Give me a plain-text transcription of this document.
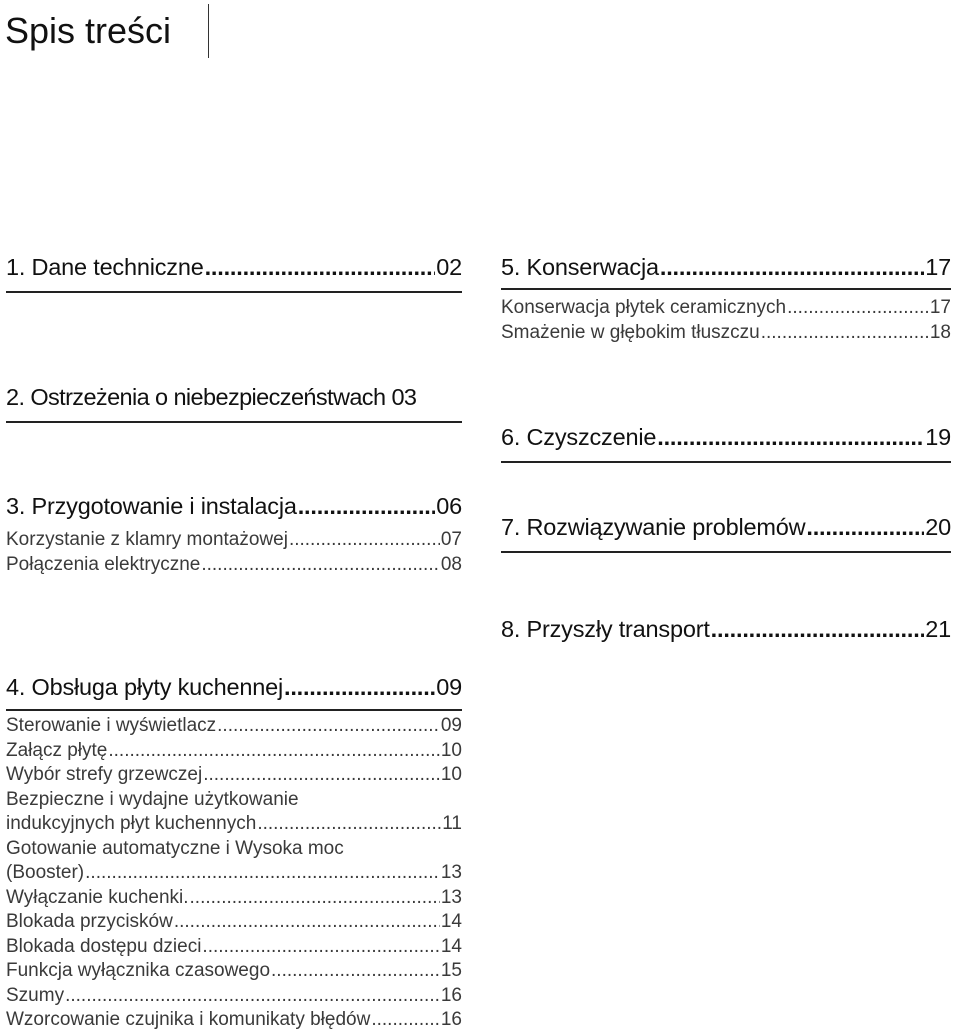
Spis treści
1. Dane techniczne .....	02
2. Ostrzeżenia o niebezpieczeństwach 03
3. Przygotowanie i instalacja .....	06
Korzystanie z klamry montażowej .....	07
Połączenia elektryczne .....	08
4. Obsługa płyty kuchennej .....	09
Sterowanie i wyświetlacz .....	09
Załącz płytę .....	10
Wybór strefy grzewczej .....	10
Bezpieczne i wydajne użytkowanie
indukcyjnych płyt kuchennych .....	11
Gotowanie automatyczne i Wysoka moc
(Booster) .....	13
Wyłączanie kuchenki. .....	13
Blokada przycisków .....	14
Blokada dostępu dzieci .....	14
Funkcja wyłącznika czasowego .....	15
Szumy .....	16
Wzorcowanie czujnika i komunikaty błędów .....	16
5. Konserwacja .....	17
Konserwacja płytek ceramicznych .....	17
Smażenie w głębokim tłuszczu .....	18
6. Czyszczenie .....	19
7. Rozwiązywanie problemów .....	20
8. Przyszły transport .....	21
